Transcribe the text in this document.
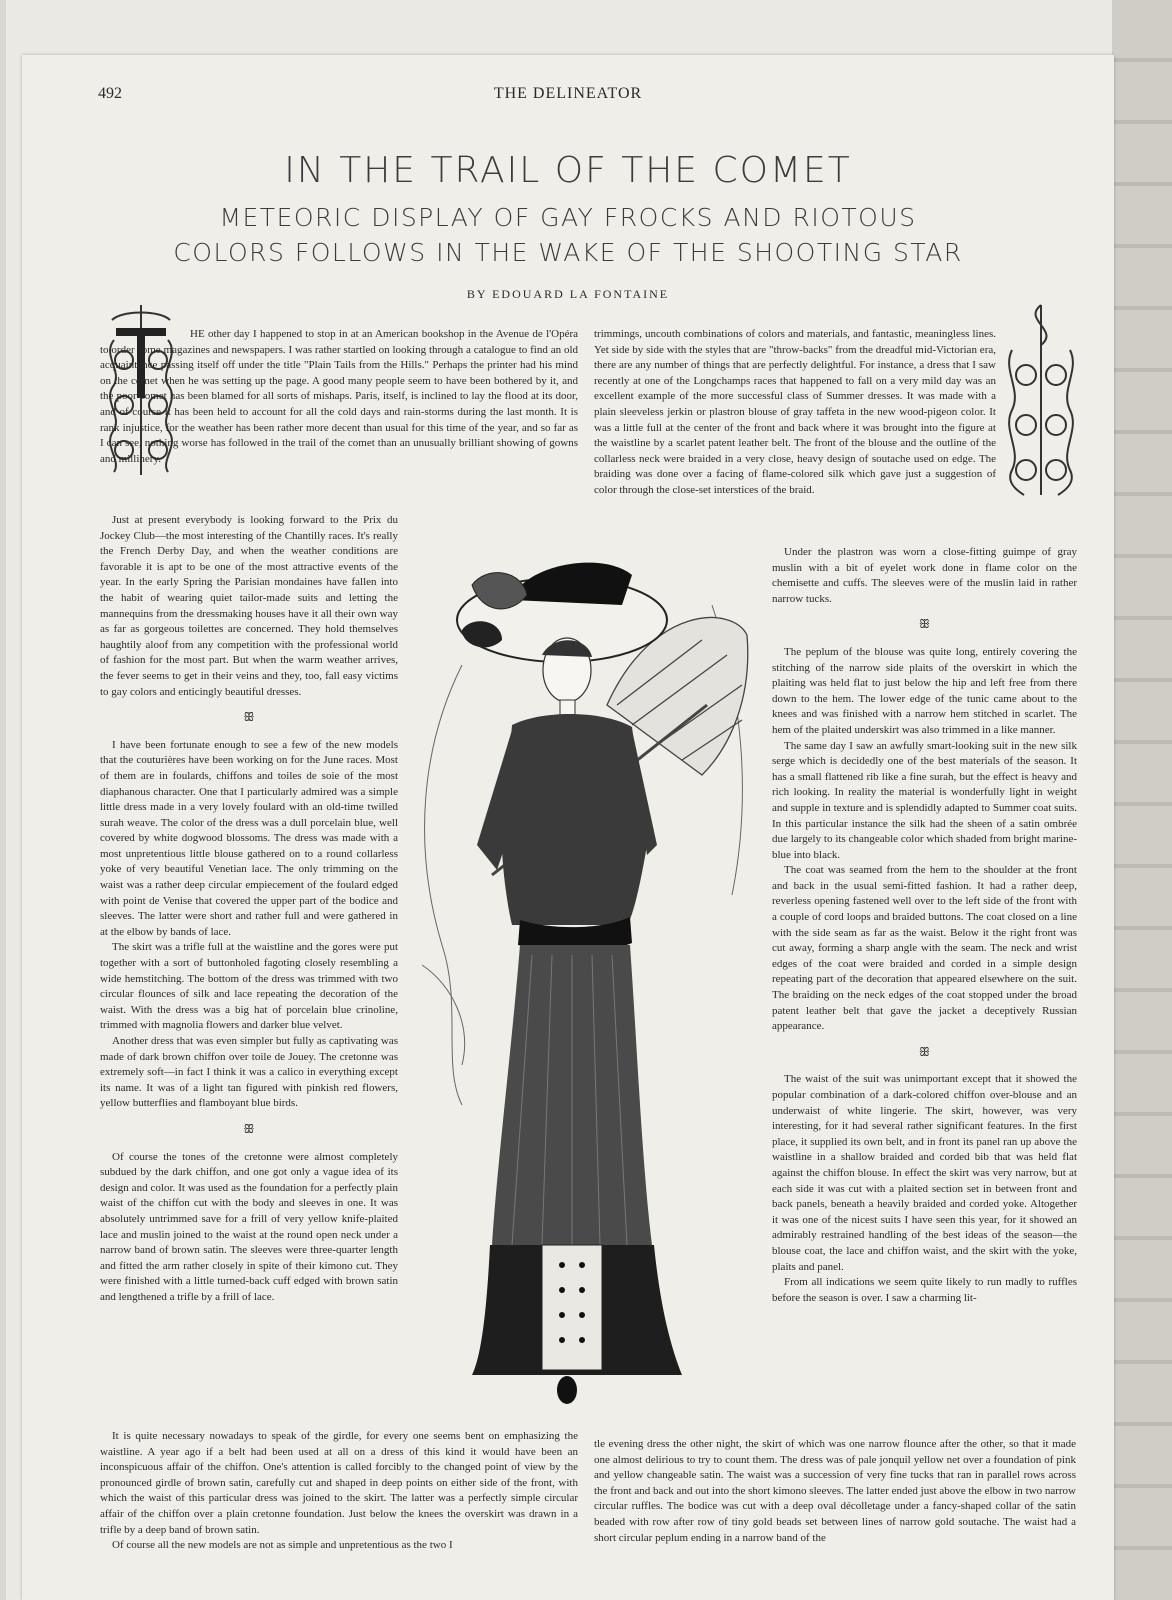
492	THE DELINEATOR
IN THE TRAIL OF THE COMET
METEORIC DISPLAY OF GAY FROCKS AND RIOTOUS
COLORS FOLLOWS IN THE WAKE OF THE SHOOTING STAR
BY EDOUARD LA FONTAINE

HE other day I happened to stop in at an American bookshop in the Avenue de l'Opéra to order some magazines and newspapers. I was rather startled on looking through a catalogue to find an old acquaintance passing itself off under the title "Plain Tails from the Hills." Perhaps the printer had his mind on the comet when he was setting up the page. A good many people seem to have been bothered by it, and the poor comet has been blamed for all sorts of mishaps. Paris, itself, is inclined to lay the flood at its door, and of course it has been held to account for all the cold days and rain-storms during the last month. It is rank injustice, for the weather has been rather more decent than usual for this time of the year, and so far as I can see, nothing worse has followed in the trail of the comet than an unusually brilliant showing of gowns and millinery.

trimmings, uncouth combinations of colors and materials, and fantastic, meaningless lines. Yet side by side with the styles that are "throw-backs" from the dreadful mid-Victorian era, there are any number of things that are perfectly delightful. For instance, a dress that I saw recently at one of the Longchamps races that happened to fall on a very mild day was an excellent example of the more successful class of Summer dresses. It was made with a plain sleeveless jerkin or plastron blouse of gray taffeta in the new wood-pigeon color. It was a little full at the center of the front and back where it was brought into the figure at the waistline by a scarlet patent leather belt. The front of the blouse and the outline of the collarless neck were braided in a very close, heavy design of soutache used on edge. The braiding was done over a facing of flame-colored silk which gave just a suggestion of color through the close-set interstices of the braid.

Just at present everybody is looking forward to the Prix du Jockey Club—the most interesting of the Chantilly races. It's really the French Derby Day, and when the weather conditions are favorable it is apt to be one of the most attractive events of the year. In the early Spring the Parisian mondaines have fallen into the habit of wearing quiet tailor-made suits and letting the mannequins from the dressmaking houses have it all their own way as far as gorgeous toilettes are concerned. They hold themselves haughtily aloof from any competition with the professional world of fashion for the most part. But when the warm weather arrives, the fever seems to get in their veins and they, too, fall easy victims to gay colors and enticingly beautiful dresses.

ꕥ

I have been fortunate enough to see a few of the new models that the couturières have been working on for the June races. Most of them are in foulards, chiffons and toiles de soie of the most diaphanous character. One that I particularly admired was a simple little dress made in a very lovely foulard with an old-time twilled surah weave. The color of the dress was a dull porcelain blue, well covered by white dogwood blossoms. The dress was made with a most unpretentious little blouse gathered on to a round collarless yoke of very beautiful Venetian lace. The only trimming on the waist was a rather deep circular empiecement of the foulard edged with point de Venise that covered the upper part of the bodice and sleeves. The latter were short and rather full and were gathered in at the elbow by bands of lace.

The skirt was a trifle full at the waistline and the gores were put together with a sort of buttonholed fagoting closely resembling a wide hemstitching. The bottom of the dress was trimmed with two circular flounces of silk and lace repeating the decoration of the waist. With the dress was a big hat of porcelain blue crinoline, trimmed with magnolia flowers and darker blue velvet.

Another dress that was even simpler but fully as captivating was made of dark brown chiffon over toile de Jouey. The cretonne was extremely soft—in fact I think it was a calico in everything except its name. It was of a light tan figured with pinkish red flowers, yellow butterflies and flamboyant blue birds.

ꕥ

Of course the tones of the cretonne were almost completely subdued by the dark chiffon, and one got only a vague idea of its design and color. It was used as the foundation for a perfectly plain waist of the chiffon cut with the body and sleeves in one. It was absolutely untrimmed save for a frill of very yellow knife-plaited lace and muslin joined to the waist at the round open neck under a narrow band of brown satin. The sleeves were three-quarter length and fitted the arm rather closely in spite of their kimono cut. They were finished with a little turned-back cuff edged with brown satin and lengthened a trifle by a frill of lace.

Under the plastron was worn a close-fitting guimpe of gray muslin with a bit of eyelet work done in flame color on the chemisette and cuffs. The sleeves were of the muslin laid in rather narrow tucks.

ꕥ

The peplum of the blouse was quite long, entirely covering the stitching of the narrow side plaits of the overskirt in which the plaiting was held flat to just below the hip and left free from there down to the hem. The lower edge of the tunic came about to the knees and was finished with a narrow hem stitched in scarlet. The hem of the plaited underskirt was also trimmed in a like manner.

The same day I saw an awfully smart-looking suit in the new silk serge which is decidedly one of the best materials of the season. It has a small flattened rib like a fine surah, but the effect is heavy and rich looking. In reality the material is wonderfully light in weight and supple in texture and is splendidly adapted to Summer coat suits. In this particular instance the silk had the sheen of a satin ombrée due largely to its changeable color which shaded from bright marine-blue into black.

The coat was seamed from the hem to the shoulder at the front and back in the usual semi-fitted fashion. It had a rather deep, reverless opening fastened well over to the left side of the front with a couple of cord loops and braided buttons. The coat closed on a line with the side seam as far as the waist. Below it the right front was cut away, forming a sharp angle with the seam. The neck and wrist edges of the coat were braided and corded in a simple design repeating part of the decoration that appeared elsewhere on the suit. The braiding on the neck edges of the coat stopped under the broad patent leather belt that gave the jacket a deceptively Russian appearance.

ꕥ

The waist of the suit was unimportant except that it showed the popular combination of a dark-colored chiffon over-blouse and an underwaist of white lingerie. The skirt, however, was very interesting, for it had several rather significant features. In the first place, it supplied its own belt, and in front its panel ran up above the waistline in a shallow braided and corded bib that was held flat against the chiffon blouse. In effect the skirt was very narrow, but at each side it was cut with a plaited section set in between front and back panels, beneath a heavily braided and corded yoke. Altogether it was one of the nicest suits I have seen this year, for it showed an admirably restrained handling of the best ideas of the season—the blouse coat, the lace and chiffon waist, and the skirt with the yoke, plaits and panel.

From all indications we seem quite likely to run madly to ruffles before the season is over. I saw a charming lit-

It is quite necessary nowadays to speak of the girdle, for every one seems bent on emphasizing the waistline. A year ago if a belt had been used at all on a dress of this kind it would have been an inconspicuous affair of the chiffon. One's attention is called forcibly to the changed point of view by the pronounced girdle of brown satin, carefully cut and shaped in deep points on either side of the front, with which the waist of this particular dress was joined to the skirt. The latter was a perfectly simple circular affair of the chiffon over a plain cretonne foundation. Just below the knees the overskirt was drawn in a trifle by a deep band of brown satin.

Of course all the new models are not as simple and unpretentious as the two I

tle evening dress the other night, the skirt of which was one narrow flounce after the other, so that it made one almost delirious to try to count them. The dress was of pale jonquil yellow net over a foundation of pink and yellow changeable satin. The waist was a succession of very fine tucks that ran in parallel rows across the front and back and out into the short kimono sleeves. The latter ended just above the elbow in two narrow circular ruffles. The bodice was cut with a deep oval décolletage under a fancy-shaped collar of the satin beaded with row after row of tiny gold beads set between lines of narrow gold soutache. The waist had a short circular peplum ending in a narrow band of the
